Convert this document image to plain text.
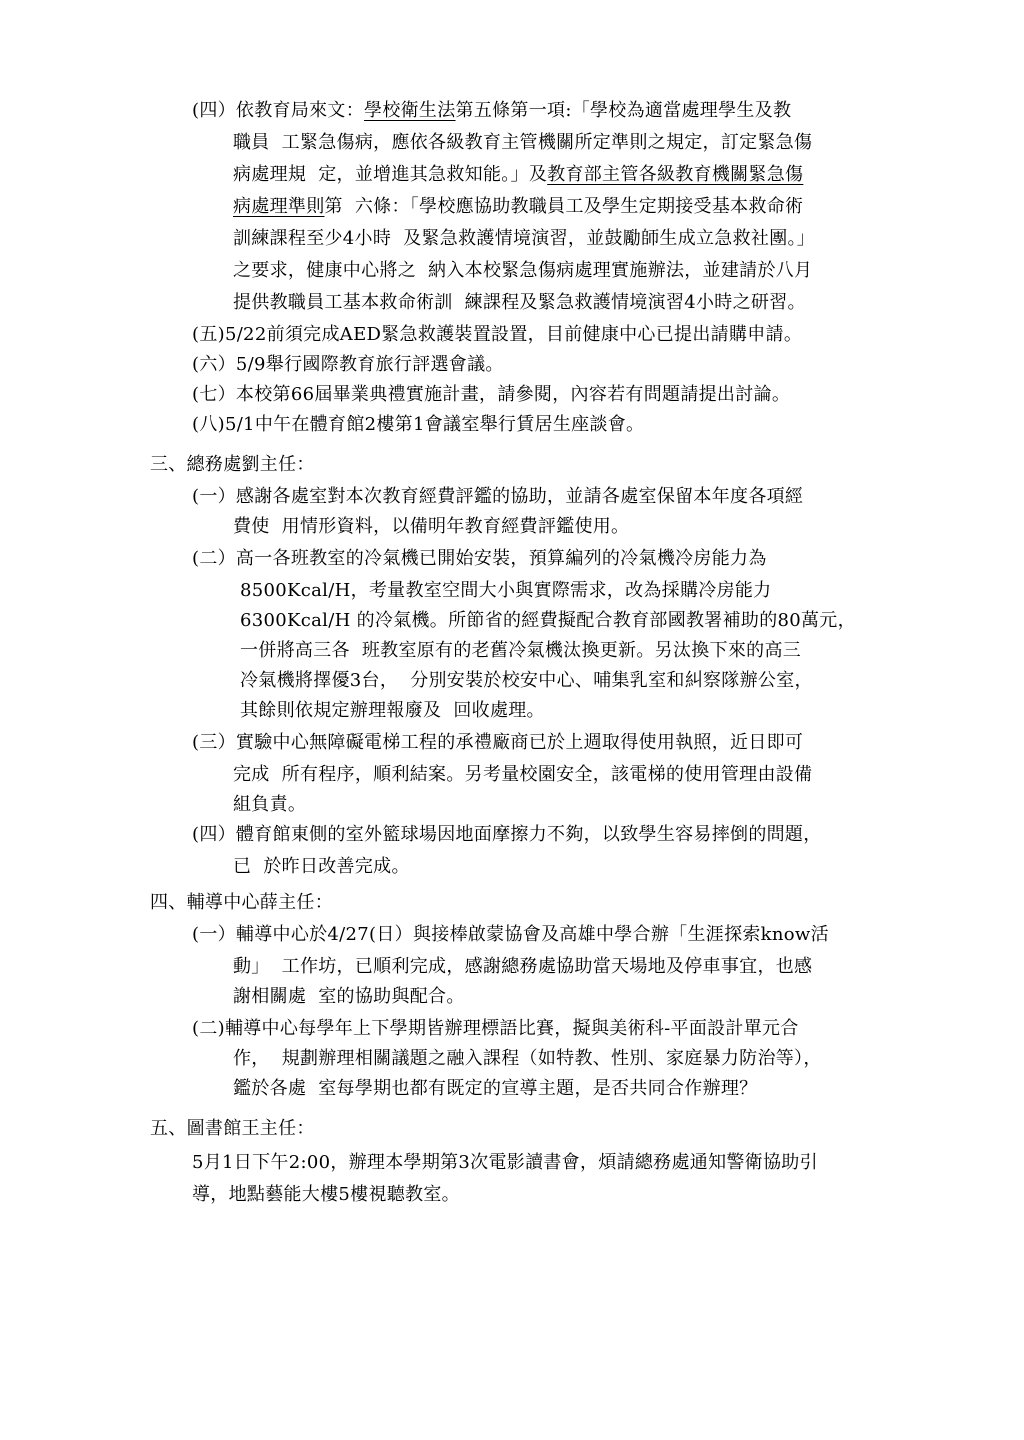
(四）依教育局來文：學校衛生法第五條第一項:「學校為適當處理學生及教
職員  工緊急傷病，應依各級教育主管機關所定準則之規定，訂定緊急傷
病處理規  定，並增進其急救知能。」及教育部主管各級教育機關緊急傷
病處理準則第  六條：「學校應協助教職員工及學生定期接受基本救命術
訓練課程至少4小時  及緊急救護情境演習，並鼓勵師生成立急救社團。」
之要求，健康中心將之  納入本校緊急傷病處理實施辦法，並建請於八月
提供教職員工基本救命術訓  練課程及緊急救護情境演習4小時之研習。
(五)5/22前須完成AED緊急救護裝置設置，目前健康中心已提出請購申請。
(六）5/9舉行國際教育旅行評選會議。
(七）本校第66屆畢業典禮實施計畫，請參閱，內容若有問題請提出討論。
(八)5/1中午在體育館2樓第1會議室舉行賃居生座談會。
三、總務處劉主任：
(一）感謝各處室對本次教育經費評鑑的協助，並請各處室保留本年度各項經
費使  用情形資料，以備明年教育經費評鑑使用。
(二）高一各班教室的冷氣機已開始安裝，預算編列的冷氣機冷房能力為
8500Kcal/H，考量教室空間大小與實際需求，改為採購冷房能力
6300Kcal/H 的冷氣機。所節省的經費擬配合教育部國教署補助的80萬元，
一併將高三各  班教室原有的老舊冷氣機汰換更新。另汰換下來的高三
冷氣機將擇優3台，  分別安裝於校安中心、哺集乳室和糾察隊辦公室，
其餘則依規定辦理報廢及  回收處理。
(三）實驗中心無障礙電梯工程的承禮廠商已於上週取得使用執照，近日即可
完成  所有程序，順利結案。另考量校園安全，該電梯的使用管理由設備
組負責。
(四）體育館東側的室外籃球場因地面摩擦力不夠，以致學生容易摔倒的問題，
已  於昨日改善完成。
四、輔導中心薛主任：
(一）輔導中心於4/27(日）與接棒啟蒙協會及高雄中學合辦「生涯探索know活
動」  工作坊，已順利完成，感謝總務處協助當天場地及停車事宜，也感
謝相關處  室的協助與配合。
(二)輔導中心每學年上下學期皆辦理標語比賽，擬與美術科-平面設計單元合
作，  規劃辦理相關議題之融入課程（如特教、性別、家庭暴力防治等），
鑑於各處  室每學期也都有既定的宣導主題，是否共同合作辦理？
五、圖書館王主任：
5月1日下午2:00，辦理本學期第3次電影讀書會，煩請總務處通知警衛協助引
導，地點藝能大樓5樓視聽教室。
